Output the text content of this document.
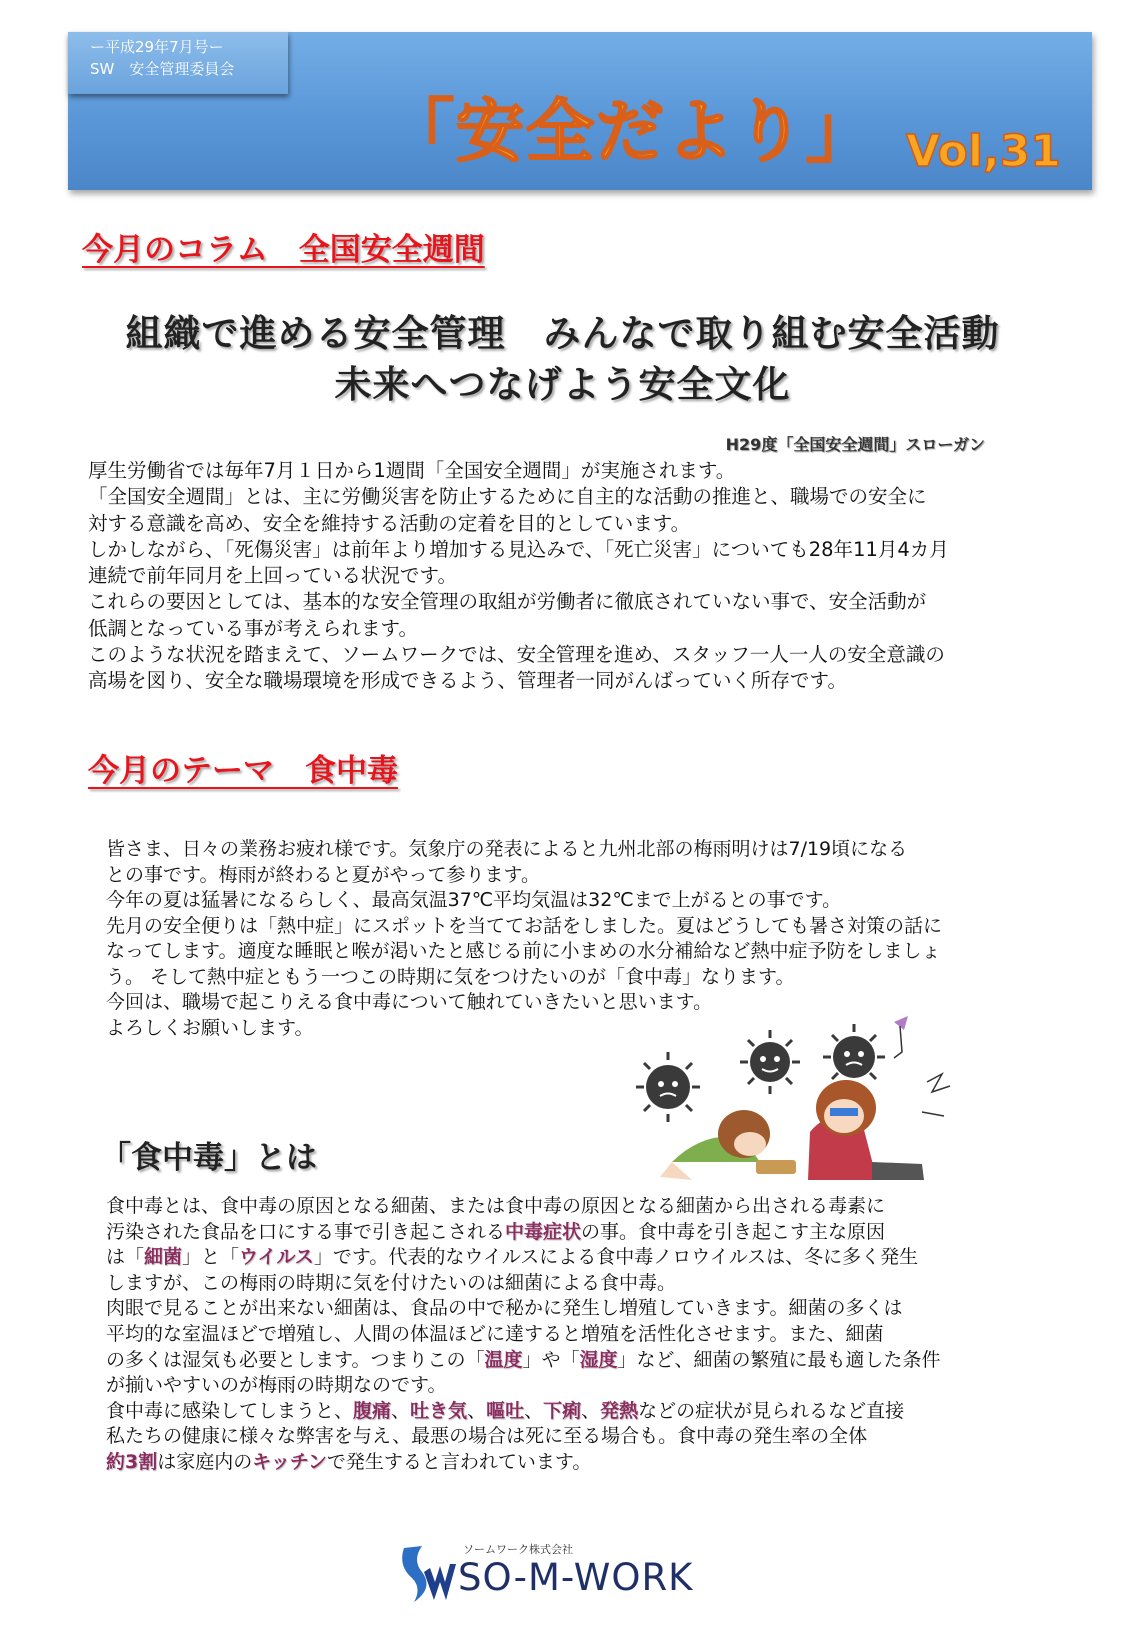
ー平成29年7月号ー
SW　安全管理委員会
「安全だより」 Vol,31
今月のコラム　全国安全週間
組織で進める安全管理　みんなで取り組む安全活動
未来へつなげよう安全文化
H29度「全国安全週間」スローガン
厚生労働省では毎年7月１日から1週間「全国安全週間」が実施されます。
「全国安全週間」とは、主に労働災害を防止するために自主的な活動の推進と、職場での安全に
対する意識を高め、安全を維持する活動の定着を目的としています。
しかしながら、「死傷災害」は前年より増加する見込みで、「死亡災害」についても28年11月4カ月
連続で前年同月を上回っている状況です。
これらの要因としては、基本的な安全管理の取組が労働者に徹底されていない事で、安全活動が
低調となっている事が考えられます。
このような状況を踏まえて、ソームワークでは、安全管理を進め、スタッフ一人一人の安全意識の
高場を図り、安全な職場環境を形成できるよう、管理者一同がんばっていく所存です。
今月のテーマ　食中毒
皆さま、日々の業務お疲れ様です。気象庁の発表によると九州北部の梅雨明けは7/19頃になる
との事です。梅雨が終わると夏がやって参ります。
今年の夏は猛暑になるらしく、最高気温37℃平均気温は32℃まで上がるとの事です。
先月の安全便りは「熱中症」にスポットを当ててお話をしました。夏はどうしても暑さ対策の話に
なってします。適度な睡眠と喉が渇いたと感じる前に小まめの水分補給など熱中症予防をしましょ
う。 そして熱中症ともう一つこの時期に気をつけたいのが「食中毒」なります。
今回は、職場で起こりえる食中毒について触れていきたいと思います。
よろしくお願いします。
「食中毒」とは
食中毒とは、食中毒の原因となる細菌、または食中毒の原因となる細菌から出される毒素に
汚染された食品を口にする事で引き起こされる中毒症状の事。食中毒を引き起こす主な原因
は「細菌」と「ウイルス」です。代表的なウイルスによる食中毒ノロウイルスは、冬に多く発生
しますが、この梅雨の時期に気を付けたいのは細菌による食中毒。
肉眼で見ることが出来ない細菌は、食品の中で秘かに発生し増殖していきます。細菌の多くは
平均的な室温ほどで増殖し、人間の体温ほどに達すると増殖を活性化させます。また、細菌
の多くは湿気も必要とします。つまりこの「温度」や「湿度」など、細菌の繁殖に最も適した条件
が揃いやすいのが梅雨の時期なのです。
食中毒に感染してしまうと、腹痛、吐き気、嘔吐、下痢、発熱などの症状が見られるなど直接
私たちの健康に様々な弊害を与え、最悪の場合は死に至る場合も。食中毒の発生率の全体
約3割は家庭内のキッチンで発生すると言われています。
ソームワーク株式会社
SO-M-WORK
